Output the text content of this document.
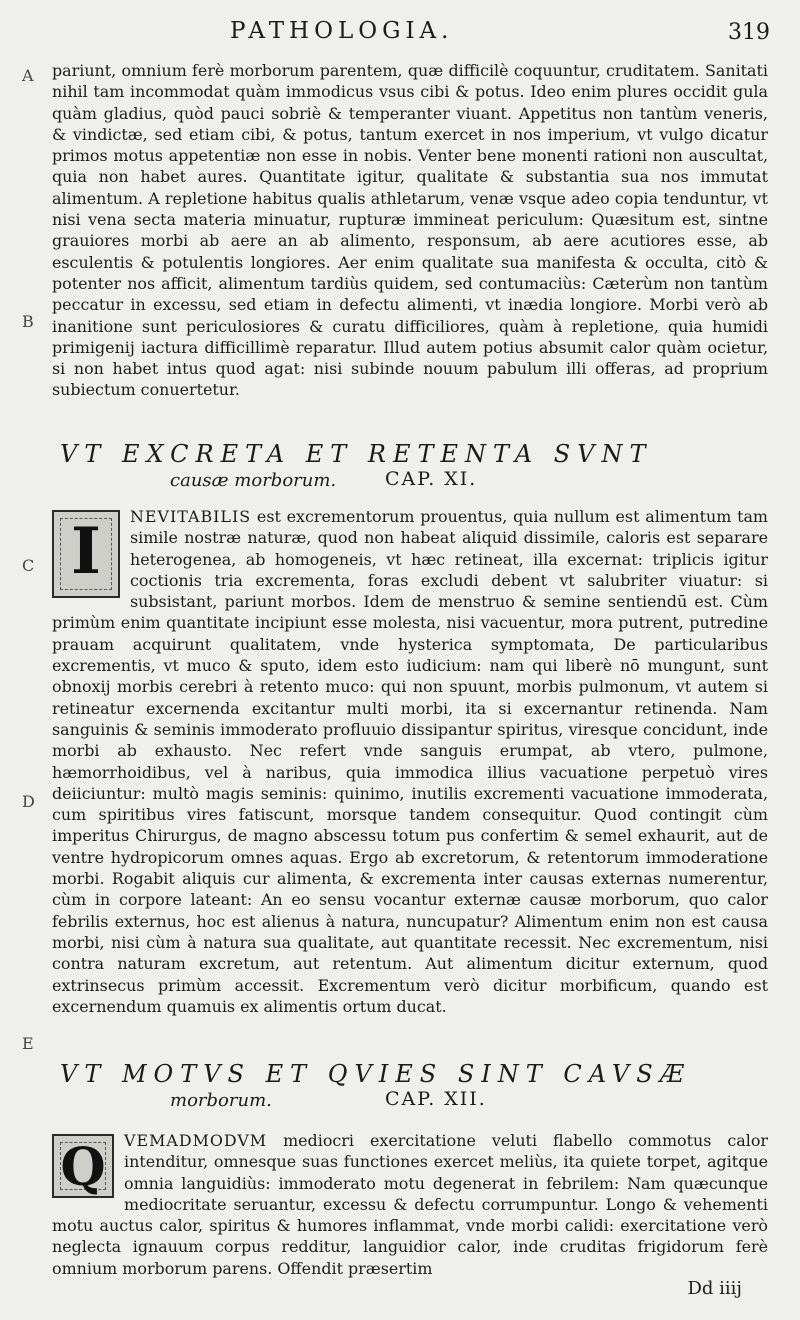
PATHOLOGIA.	319
A
B
C
D
E

pariunt, omnium ferè morborum parentem, quæ difficilè coquuntur, cruditatem. Sanitati nihil tam incommodat quàm immodicus vsus cibi & potus. Ideo enim plures occidit gula quàm gladius, quòd pauci sobriè & temperanter viuant. Appetitus non tantùm veneris, & vindictæ, sed etiam cibi, & potus, tantum exercet in nos imperium, vt vulgo dicatur primos motus appetentiæ non esse in nobis. Venter bene monenti rationi non auscultat, quia non habet aures. Quantitate igitur, qualitate & substantia sua nos immutat alimentum. A repletione habitus qualis athletarum, venæ vsque adeo copia tenduntur, vt nisi vena secta materia minuatur, rupturæ immineat periculum: Quæsitum est, sintne grauiores morbi ab aere an ab alimento, responsum, ab aere acutiores esse, ab esculentis & potulentis longiores. Aer enim qualitate sua manifesta & occulta, citò & potenter nos afficit, alimentum tardiùs quidem, sed contumaciùs: Cæterùm non tantùm peccatur in excessu, sed etiam in defectu alimenti, vt inædia longiore. Morbi verò ab inanitione sunt periculosiores & curatu difficiliores, quàm à repletione, quia humidi primigenij iactura difficillimè reparatur. Illud autem potius absumit calor quàm ocietur, si non habet intus quod agat: nisi subinde nouum pabulum illi offeras, ad proprium subiectum conuertetur.

VT EXCRETA ET RETENTA SVNT
causæ morborum.	CAP. XI.
I	NEVITABILIS est excrementorum prouentus, quia nullum est alimentum tam simile nostræ naturæ, quod non habeat aliquid dissimile, caloris est separare heterogenea, ab homogeneis, vt hæc retineat, illa excernat: triplicis igitur coctionis tria excrementa, foras excludi debent vt salubriter viuatur: si subsistant, pariunt morbos. Idem de menstruo & semine sentiendū est. Cùm primùm enim quantitate incipiunt esse molesta, nisi vacuentur, mora putrent, putredine prauam acquirunt qualitatem, vnde hysterica symptomata, De particularibus excrementis, vt muco & sputo, idem esto iudicium: nam qui liberè nō mungunt, sunt obnoxij morbis cerebri à retento muco: qui non spuunt, morbis pulmonum, vt autem si retineatur excernenda excitantur multi morbi, ita si excernantur retinenda. Nam sanguinis & seminis immoderato profluuio dissipantur spiritus, viresque concidunt, inde morbi ab exhausto. Nec refert vnde sanguis erumpat, ab vtero, pulmone, hæmorrhoidibus, vel à naribus, quia immodica illius vacuatione perpetuò vires deiiciuntur: multò magis seminis: quinimo, inutilis excrementi vacuatione immoderata, cum spiritibus vires fatiscunt, morsque tandem consequitur. Quod contingit cùm imperitus Chirurgus, de magno abscessu totum pus confertim & semel exhaurit, aut de ventre hydropicorum omnes aquas. Ergo ab excretorum, & retentorum immoderatione morbi. Rogabit aliquis cur alimenta, & excrementa inter causas externas numerentur, cùm in corpore lateant: An eo sensu vocantur externæ causæ morborum, quo calor febrilis externus, hoc est alienus à natura, nuncupatur? Alimentum enim non est causa morbi, nisi cùm à natura sua qualitate, aut quantitate recessit. Nec excrementum, nisi contra naturam excretum, aut retentum. Aut alimentum dicitur externum, quod extrinsecus primùm accessit. Excrementum verò dicitur morbificum, quando est excernendum quamuis ex alimentis ortum ducat.

VT MOTVS ET QVIES SINT CAVSÆ
morborum.	CAP. XII.
Q	VEMADMODVM mediocri exercitatione veluti flabello commotus calor intenditur, omnesque suas functiones exercet meliùs, ita quiete torpet, agitque omnia languidiùs: immoderato motu degenerat in febrilem: Nam quæcunque mediocritate seruantur, excessu & defectu corrumpuntur. Longo & vehementi motu auctus calor, spiritus & humores inflammat, vnde morbi calidi: exercitatione verò neglecta ignauum corpus redditur, languidior calor, inde cruditas frigidorum ferè omnium morborum parens. Offendit præsertim

Dd iiij
